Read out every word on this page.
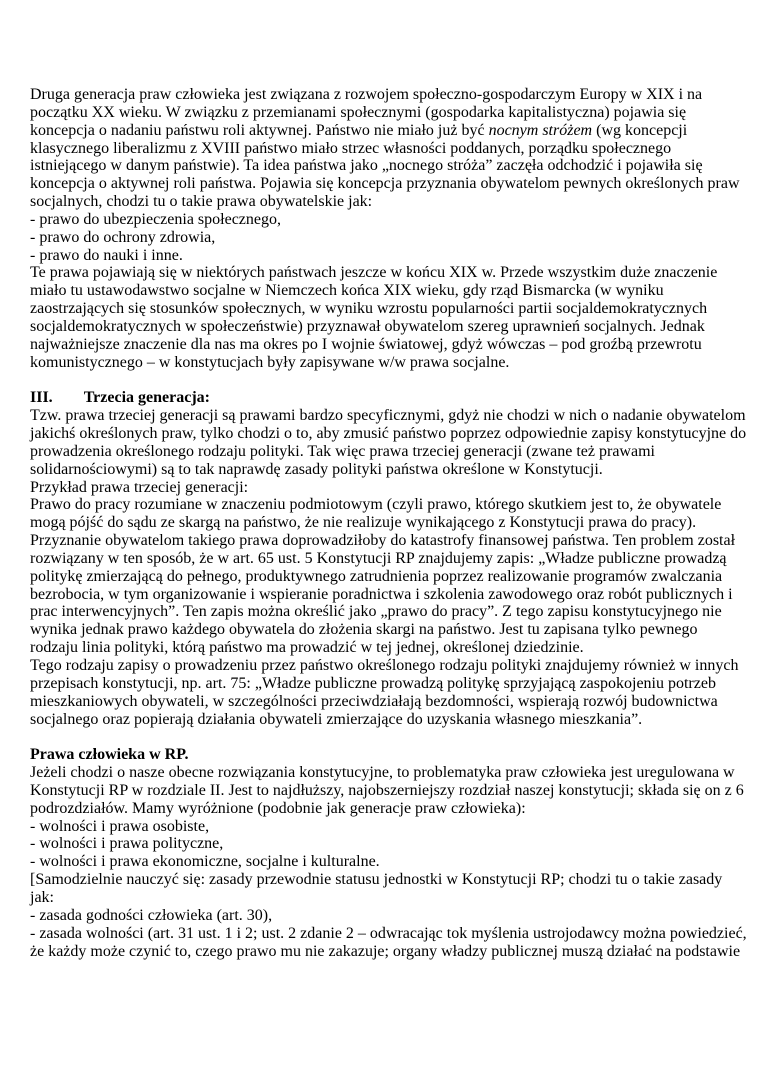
Druga generacja praw człowieka jest związana z rozwojem społeczno-gospodarczym Europy w XIX i na
początku XX wieku. W związku z przemianami społecznymi (gospodarka kapitalistyczna) pojawia się
koncepcja o nadaniu państwu roli aktywnej. Państwo nie miało już być nocnym stróżem (wg koncepcji
klasycznego liberalizmu z XVIII państwo miało strzec własności poddanych, porządku społecznego
istniejącego w danym państwie). Ta idea państwa jako „nocnego stróża” zaczęła odchodzić i pojawiła się
koncepcja o aktywnej roli państwa. Pojawia się koncepcja przyznania obywatelom pewnych określonych praw
socjalnych, chodzi tu o takie prawa obywatelskie jak:
- prawo do ubezpieczenia społecznego,
- prawo do ochrony zdrowia,
- prawo do nauki i inne.
Te prawa pojawiają się w niektórych państwach jeszcze w końcu XIX w. Przede wszystkim duże znaczenie
miało tu ustawodawstwo socjalne w Niemczech końca XIX wieku, gdy rząd Bismarcka (w wyniku
zaostrzających się stosunków społecznych, w wyniku wzrostu popularności partii socjaldemokratycznych
socjaldemokratycznych w społeczeństwie) przyznawał obywatelom szereg uprawnień socjalnych. Jednak
najważniejsze znaczenie dla nas ma okres po I wojnie światowej, gdyż wówczas – pod groźbą przewrotu
komunistycznego – w konstytucjach były zapisywane w/w prawa socjalne.
III. Trzecia generacja:
Tzw. prawa trzeciej generacji są prawami bardzo specyficznymi, gdyż nie chodzi w nich o nadanie obywatelom
jakichś określonych praw, tylko chodzi o to, aby zmusić państwo poprzez odpowiednie zapisy konstytucyjne do
prowadzenia określonego rodzaju polityki. Tak więc prawa trzeciej generacji (zwane też prawami
solidarnościowymi) są to tak naprawdę zasady polityki państwa określone w Konstytucji.
Przykład prawa trzeciej generacji:
Prawo do pracy rozumiane w znaczeniu podmiotowym (czyli prawo, którego skutkiem jest to, że obywatele
mogą pójść do sądu ze skargą na państwo, że nie realizuje wynikającego z Konstytucji prawa do pracy).
Przyznanie obywatelom takiego prawa doprowadziłoby do katastrofy finansowej państwa. Ten problem został
rozwiązany w ten sposób, że w art. 65 ust. 5 Konstytucji RP znajdujemy zapis: „Władze publiczne prowadzą
politykę zmierzającą do pełnego, produktywnego zatrudnienia poprzez realizowanie programów zwalczania
bezrobocia, w tym organizowanie i wspieranie poradnictwa i szkolenia zawodowego oraz robót publicznych i
prac interwencyjnych”. Ten zapis można określić jako „prawo do pracy”. Z tego zapisu konstytucyjnego nie
wynika jednak prawo każdego obywatela do złożenia skargi na państwo. Jest tu zapisana tylko pewnego
rodzaju linia polityki, którą państwo ma prowadzić w tej jednej, określonej dziedzinie.
Tego rodzaju zapisy o prowadzeniu przez państwo określonego rodzaju polityki znajdujemy również w innych
przepisach konstytucji, np. art. 75: „Władze publiczne prowadzą politykę sprzyjającą zaspokojeniu potrzeb
mieszkaniowych obywateli, w szczególności przeciwdziałają bezdomności, wspierają rozwój budownictwa
socjalnego oraz popierają działania obywateli zmierzające do uzyskania własnego mieszkania”.
Prawa człowieka w RP.
Jeżeli chodzi o nasze obecne rozwiązania konstytucyjne, to problematyka praw człowieka jest uregulowana w
Konstytucji RP w rozdziale II. Jest to najdłuższy, najobszerniejszy rozdział naszej konstytucji; składa się on z 6
podrozdziałów. Mamy wyróżnione (podobnie jak generacje praw człowieka):
- wolności i prawa osobiste,
- wolności i prawa polityczne,
- wolności i prawa ekonomiczne, socjalne i kulturalne.
[Samodzielnie nauczyć się: zasady przewodnie statusu jednostki w Konstytucji RP; chodzi tu o takie zasady
jak:
- zasada godności człowieka (art. 30),
- zasada wolności (art. 31 ust. 1 i 2; ust. 2 zdanie 2 – odwracając tok myślenia ustrojodawcy można powiedzieć,
że każdy może czynić to, czego prawo mu nie zakazuje; organy władzy publicznej muszą działać na podstawie
